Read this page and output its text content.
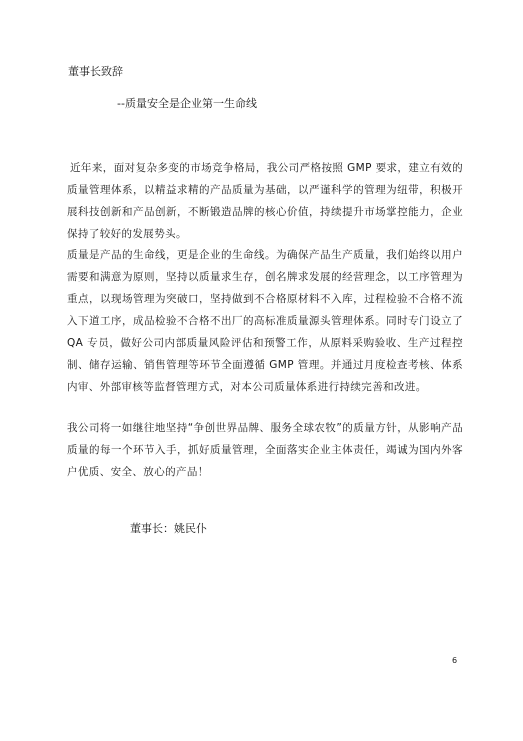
董事长致辞
--质量安全是企业第一生命线

近年来，面对复杂多变的市场竞争格局，我公司严格按照 GMP 要求，建立有效的质量管理体系，以精益求精的产品质量为基础，以严谨科学的管理为纽带，积极开展科技创新和产品创新，不断锻造品牌的核心价值，持续提升市场掌控能力，企业保持了较好的发展势头。

质量是产品的生命线，更是企业的生命线。为确保产品生产质量，我们始终以用户需要和满意为原则，坚持以质量求生存，创名牌求发展的经营理念，以工序管理为重点，以现场管理为突破口，坚持做到不合格原材料不入库，过程检验不合格不流入下道工序，成品检验不合格不出厂的高标准质量源头管理体系。同时专门设立了 QA 专员，做好公司内部质量风险评估和预警工作，从原料采购验收、生产过程控制、储存运输、销售管理等环节全面遵循 GMP 管理。并通过月度检查考核、体系内审、外部审核等监督管理方式，对本公司质量体系进行持续完善和改进。

我公司将一如继往地坚持“争创世界品牌、服务全球农牧”的质量方针，从影响产品质量的每一个环节入手，抓好质量管理，全面落实企业主体责任，竭诚为国内外客户优质、安全、放心的产品！

董事长：姚民仆
6
